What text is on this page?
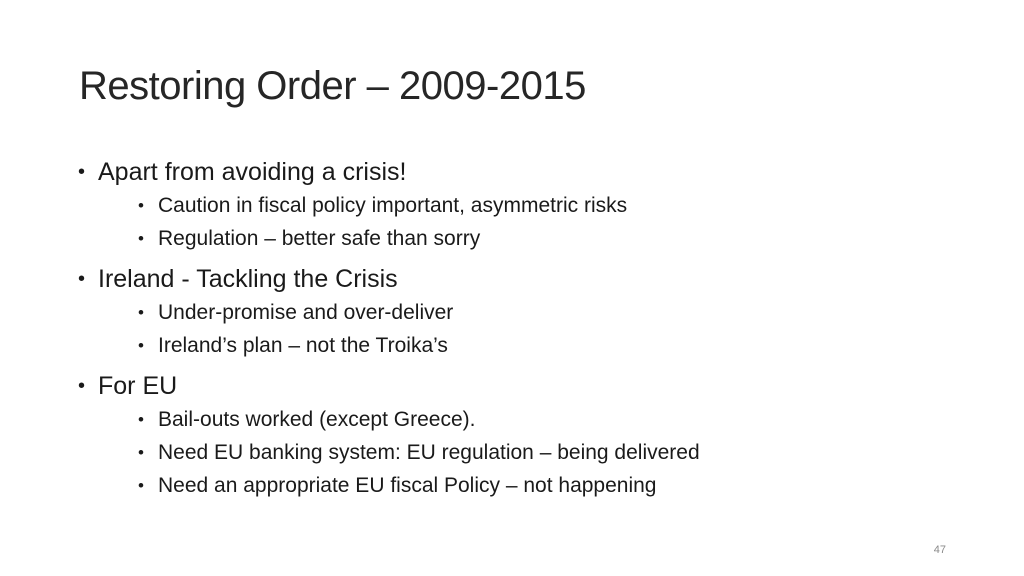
Restoring Order – 2009-2015
• Apart from avoiding a crisis!
• Caution in fiscal policy important, asymmetric risks
• Regulation – better safe than sorry
• Ireland - Tackling the Crisis
• Under-promise and over-deliver
• Ireland’s plan – not the Troika’s
• For EU
• Bail-outs worked (except Greece).
• Need EU banking system: EU regulation – being delivered
• Need an appropriate EU fiscal Policy – not happening
47
